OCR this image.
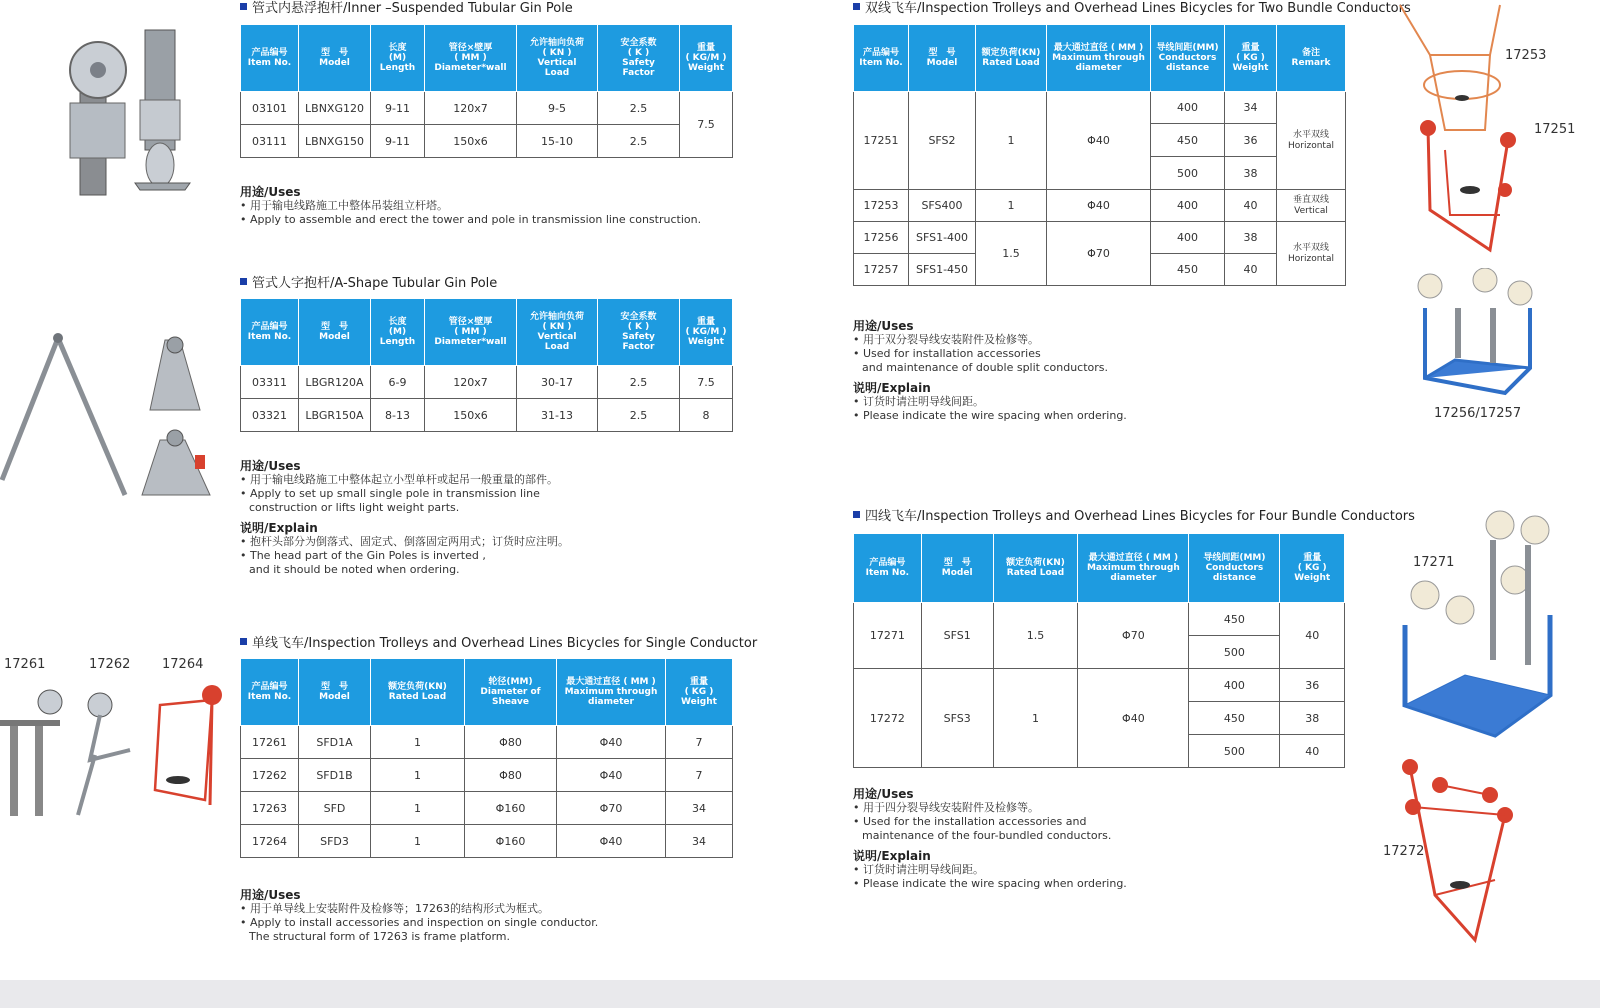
管式内悬浮抱杆/Inner –Suspended Tubular Gin Pole
产品编号
Item No.	型　号
Model	长度
(M)
Length	管径×壁厚
( MM )
Diameter*wall	允许轴向负荷
( KN )
Vertical
Load	安全系数
( K )
Safety
Factor	重量
( KG/M )
Weight
03101	LBNXG120	9-11	120x7	9-5	2.5	7.5
03111	LBNXG150	9-11	150x6	15-10	2.5	
用途/Uses
• 用于输电线路施工中整体吊装组立杆塔。
• Apply to assemble and erect the tower and pole in transmission line construction.
管式人字抱杆/A-Shape Tubular Gin Pole
产品编号
Item No.	型　号
Model	长度
(M)
Length	管径×壁厚
( MM )
Diameter*wall	允许轴向负荷
( KN )
Vertical
Load	安全系数
( K )
Safety
Factor	重量
( KG/M )
Weight
03311	LBGR120A	6-9	120x7	30-17	2.5	7.5
03321	LBGR150A	8-13	150x6	31-13	2.5	8
用途/Uses
• 用于输电线路施工中整体起立小型单杆或起吊一般重量的部件。
• Apply to set up small single pole in transmission line
construction or lifts light weight parts.
说明/Explain
• 抱杆头部分为倒落式、固定式、倒落固定两用式；订货时应注明。
• The head part of the Gin Poles is inverted ,
and it should be noted when ordering.
单线飞车/Inspection Trolleys and Overhead Lines Bicycles for Single Conductor
17261	17262 17264
产品编号
Item No.	型　号
Model	额定负荷(KN)
Rated Load	轮径(MM)
Diameter of
Sheave	最大通过直径 ( MM )
Maximum through
diameter	重量
( KG )
Weight
17261	SFD1A	1	Φ80	Φ40	7
17262	SFD1B	1	Φ80	Φ40	7
17263	SFD	1	Φ160	Φ70	34
17264	SFD3	1	Φ160	Φ40	34
用途/Uses
• 用于单导线上安装附件及检修等；17263的结构形式为框式。
• Apply to install accessories and inspection on single conductor.
The structural form of 17263 is frame platform.
双线飞车/Inspection Trolleys and Overhead Lines Bicycles for Two Bundle Conductors
产品编号
Item No.	型　号
Model	额定负荷(KN)
Rated Load	最大通过直径 ( MM )
Maximum through
diameter	导线间距(MM)
Conductors
distance	重量
( KG )
Weight	备注
Remark
17251	SFS2	1	Φ40	400	34	水平双线
Horizontal
				450	36	
				500	38	
17253	SFS400	1	Φ40	400	40	垂直双线
Vertical
17256	SFS1-400	1.5	Φ70	400	38	水平双线
Horizontal
17257	SFS1-450			450	40	
用途/Uses
• 用于双分裂导线安装附件及检修等。
• Used for installation accessories
and maintenance of double split conductors.
说明/Explain
• 订货时请注明导线间距。
• Please indicate the wire spacing when ordering.
17253
17251
17256/17257
四线飞车/Inspection Trolleys and Overhead Lines Bicycles for Four Bundle Conductors
产品编号
Item No.	型　号
Model	额定负荷(KN)
Rated Load	最大通过直径 ( MM )
Maximum through
diameter	导线间距(MM)
Conductors
distance	重量
( KG )
Weight
17271	SFS1	1.5	Φ70	450	40
				500	
17272	SFS3	1	Φ40	400	36
				450	38
				500	40
用途/Uses
• 用于四分裂导线安装附件及检修等。
• Used for the installation accessories and
maintenance of the four-bundled conductors.
说明/Explain
• 订货时请注明导线间距。
• Please indicate the wire spacing when ordering.
17271
17272
